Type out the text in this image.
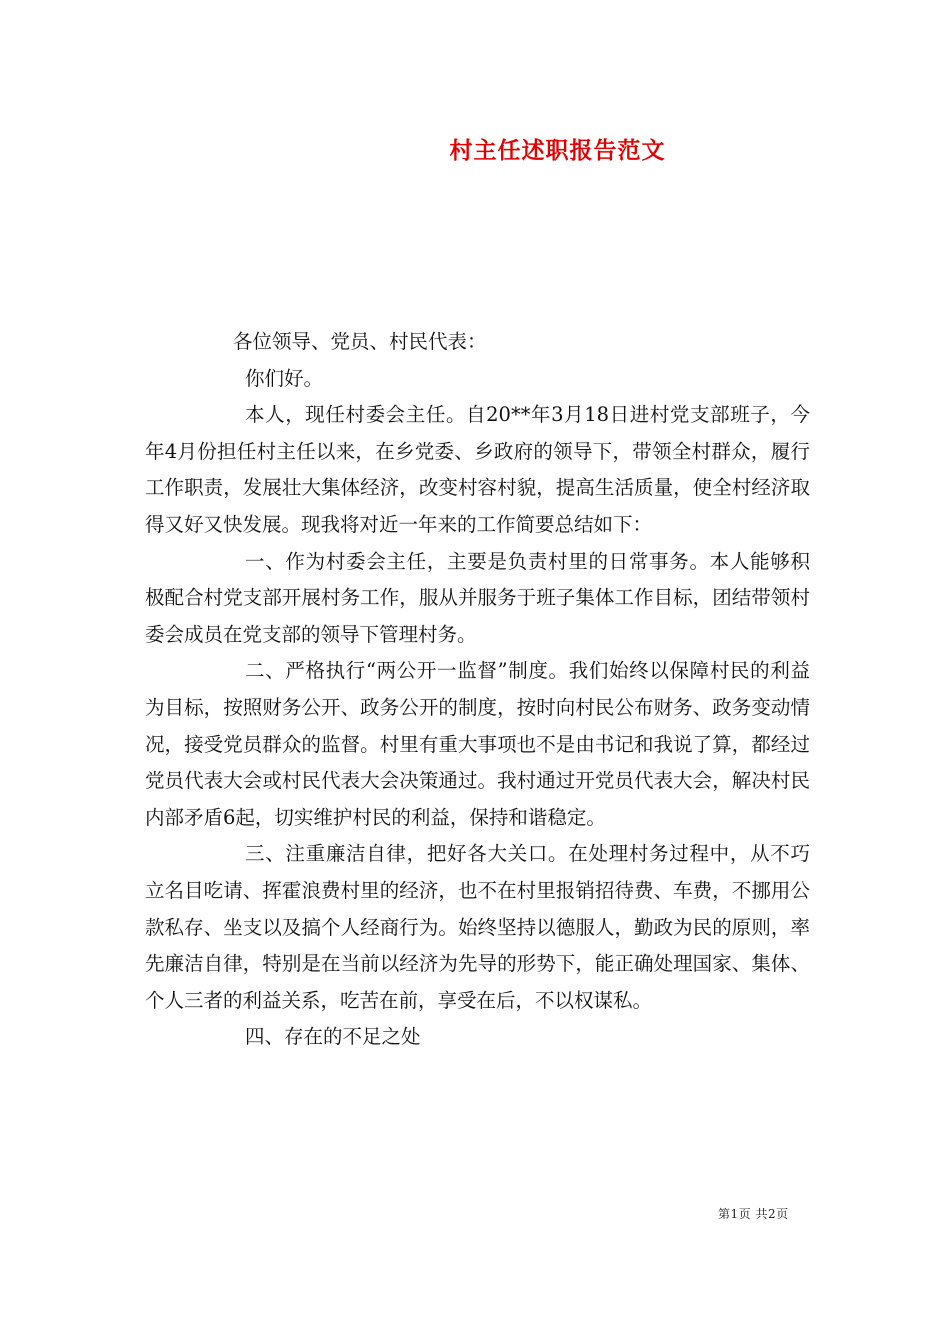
村主任述职报告范文

各位领导、党员、村民代表：

你们好。

本人，现任村委会主任。自20**年3月18日进村党支部班子，今年4月份担任村主任以来，在乡党委、乡政府的领导下，带领全村群众，履行工作职责，发展壮大集体经济，改变村容村貌，提高生活质量，使全村经济取得又好又快发展。现我将对近一年来的工作简要总结如下：

一、作为村委会主任，主要是负责村里的日常事务。本人能够积极配合村党支部开展村务工作，服从并服务于班子集体工作目标，团结带领村委会成员在党支部的领导下管理村务。

二、严格执行“两公开一监督”制度。我们始终以保障村民的利益为目标，按照财务公开、政务公开的制度，按时向村民公布财务、政务变动情况，接受党员群众的监督。村里有重大事项也不是由书记和我说了算，都经过党员代表大会或村民代表大会决策通过。我村通过开党员代表大会，解决村民内部矛盾6起，切实维护村民的利益，保持和谐稳定。

三、注重廉洁自律，把好各大关口。在处理村务过程中，从不巧立名目吃请、挥霍浪费村里的经济，也不在村里报销招待费、车费，不挪用公款私存、坐支以及搞个人经商行为。始终坚持以德服人，勤政为民的原则，率先廉洁自律，特别是在当前以经济为先导的形势下，能正确处理国家、集体、个人三者的利益关系，吃苦在前，享受在后，不以权谋私。

四、存在的不足之处

第1页 共2页
